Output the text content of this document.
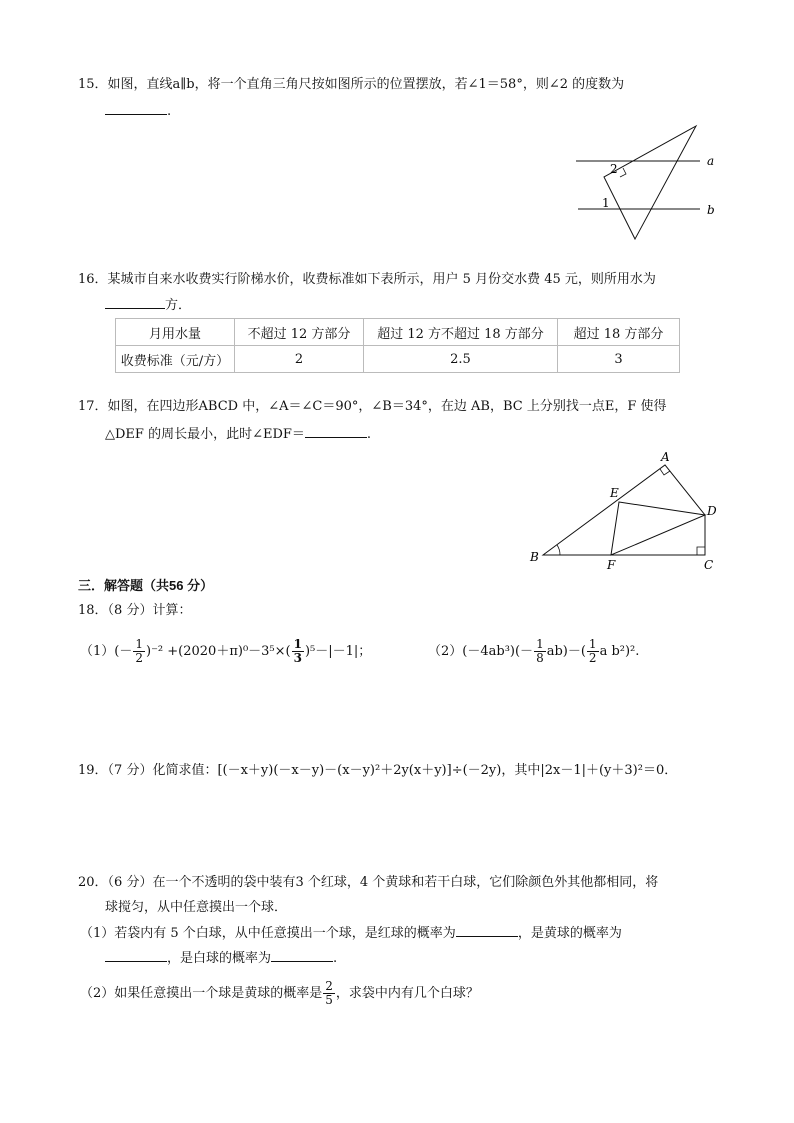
15．如图，直线a∥b，将一个直角三角尺按如图所示的位置摆放，若∠1＝58°，则∠2 的度数为
.
a
b
2
1
16．某城市自来水收费实行阶梯水价，收费标准如下表所示，用户 5 月份交水费 45 元，则所用水为
方．
月用水量	不超过 12 方部分	超过 12 方不超过 18 方部分	超过 18 方部分
收费标准（元/方）	2	2.5	3
17．如图，在四边形ABCD 中，∠A＝∠C＝90°，∠B＝34°，在边 AB，BC 上分别找一点E，F 使得
△DEF 的周长最小，此时∠EDF＝	.
A
B
C
D
E
F
三．解答题（共56 分）
18．（8 分）计算：
$(1)(- \frac{1}{2} )^{-2} +(2020+\pi)^0-3^5\times( \frac{1}{3} )^5-|-1|$；	$(2)(-4ab^3)(- \frac{1}{8} ab)-( \frac{1}{2}$ a b²)².
19．（7 分）化简求值：[(－x＋y)(－x－y)－(x－y)²＋2y(x＋y)]÷(－2y)，其中|2x－1|＋(y＋3)²＝0．
20．（6 分）在一个不透明的袋中装有3 个红球，4 个黄球和若干白球，它们除颜色外其他都相同，将
球搅匀，从中任意摸出一个球．
（1）若袋内有 5 个白球，从中任意摸出一个球，是红球的概率为	，是黄球的概率为
，是白球的概率为	.
（2）如果任意摸出一个球是黄球的概率是 $\frac{2}{5}$ ，求袋中内有几个白球？
